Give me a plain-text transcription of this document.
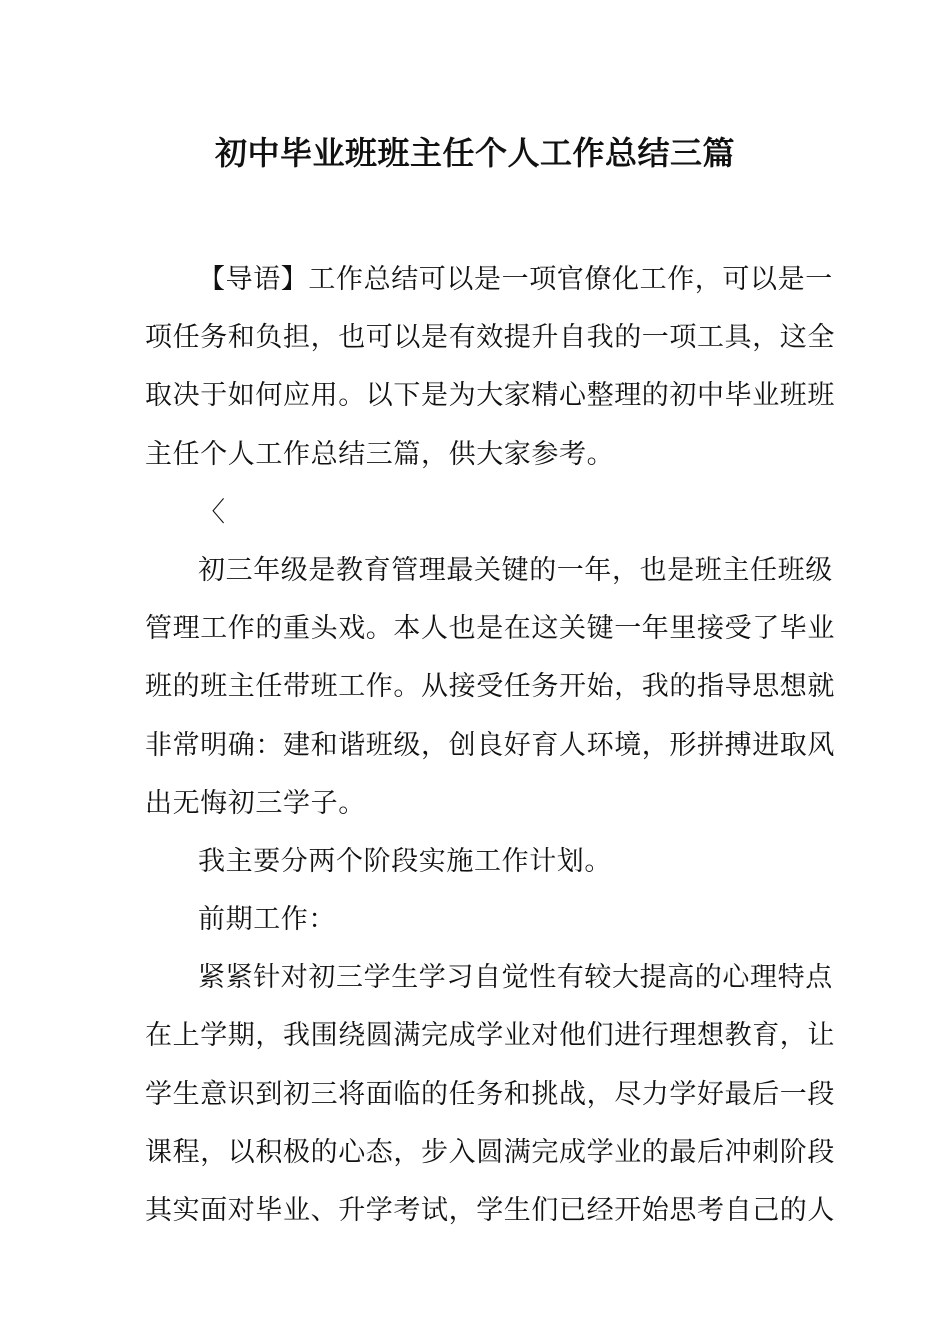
初中毕业班班主任个人工作总结三篇
【导语】工作总结可以是一项官僚化工作，可以是一
项任务和负担，也可以是有效提升自我的一项工具，这全
取决于如何应用。以下是为大家精心整理的初中毕业班班
主任个人工作总结三篇，供大家参考。
〈
初三年级是教育管理最关键的一年，也是班主任班级
管理工作的重头戏。本人也是在这关键一年里接受了毕业
班的班主任带班工作。从接受任务开始，我的指导思想就
非常明确：建和谐班级，创良好育人环境，形拼搏进取风
出无悔初三学子。
我主要分两个阶段实施工作计划。
前期工作：
紧紧针对初三学生学习自觉性有较大提高的心理特点
在上学期，我围绕圆满完成学业对他们进行理想教育，让
学生意识到初三将面临的任务和挑战，尽力学好最后一段
课程，以积极的心态，步入圆满完成学业的最后冲刺阶段
其实面对毕业、升学考试，学生们已经开始思考自己的人
